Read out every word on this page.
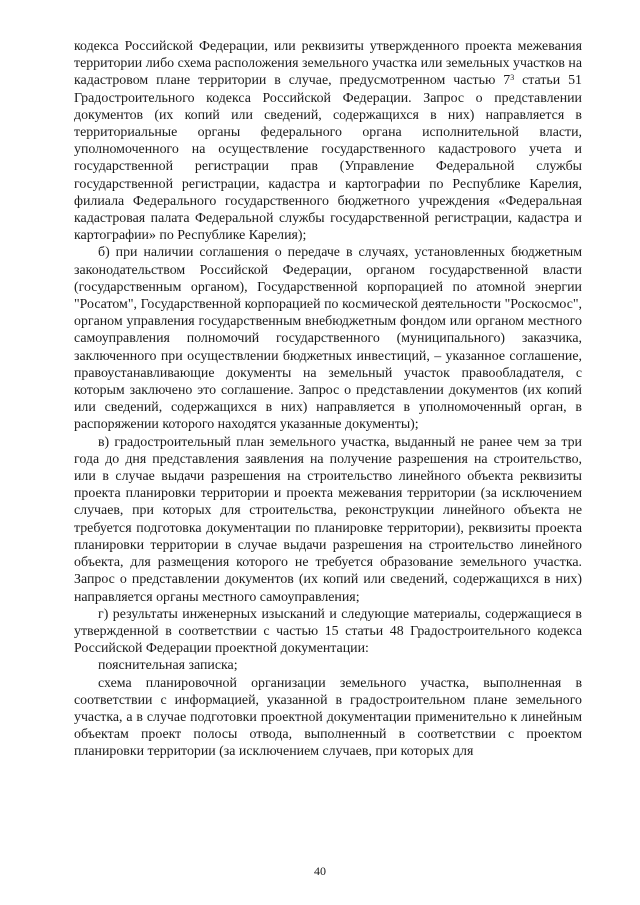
кодекса Российской Федерации, или реквизиты утвержденного проекта межевания территории либо схема расположения земельного участка или земельных участков на кадастровом плане территории в случае, предусмотренном частью $7^3$ статьи 51 Градостроительного кодекса Российской Федерации. Запрос о представлении документов (их копий или сведений, содержащихся в них) направляется в территориальные органы федерального органа исполнительной власти, уполномоченного на осуществление государственного кадастрового учета и государственной регистрации прав (Управление Федеральной службы государственной регистрации, кадастра и картографии по Республике Карелия, филиала Федерального государственного бюджетного учреждения «Федеральная кадастровая палата Федеральной службы государственной регистрации, кадастра и картографии» по Республике Карелия);

б) при наличии соглашения о передаче в случаях, установленных бюджетным законодательством Российской Федерации, органом государственной власти (государственным органом), Государственной корпорацией по атомной энергии "Росатом", Государственной корпорацией по космической деятельности "Роскосмос", органом управления государственным внебюджетным фондом или органом местного самоуправления полномочий государственного (муниципального) заказчика, заключенного при осуществлении бюджетных инвестиций, – указанное соглашение, правоустанавливающие документы на земельный участок правообладателя, с которым заключено это соглашение. Запрос о представлении документов (их копий или сведений, содержащихся в них) направляется в уполномоченный орган, в распоряжении которого находятся указанные документы);

в) градостроительный план земельного участка, выданный не ранее чем за три года до дня представления заявления на получение разрешения на строительство, или в случае выдачи разрешения на строительство линейного объекта реквизиты проекта планировки территории и проекта межевания территории (за исключением случаев, при которых для строительства, реконструкции линейного объекта не требуется подготовка документации по планировке территории), реквизиты проекта планировки территории в случае выдачи разрешения на строительство линейного объекта, для размещения которого не требуется образование земельного участка. Запрос о представлении документов (их копий или сведений, содержащихся в них) направляется органы местного самоуправления;

г) результаты инженерных изысканий и следующие материалы, содержащиеся в утвержденной в соответствии с частью 15 статьи 48 Градостроительного кодекса Российской Федерации проектной документации:

пояснительная записка;

схема планировочной организации земельного участка, выполненная в соответствии с информацией, указанной в градостроительном плане земельного участка, а в случае подготовки проектной документации применительно к линейным объектам проект полосы отвода, выполненный в соответствии с проектом планировки территории (за исключением случаев, при которых для

40
